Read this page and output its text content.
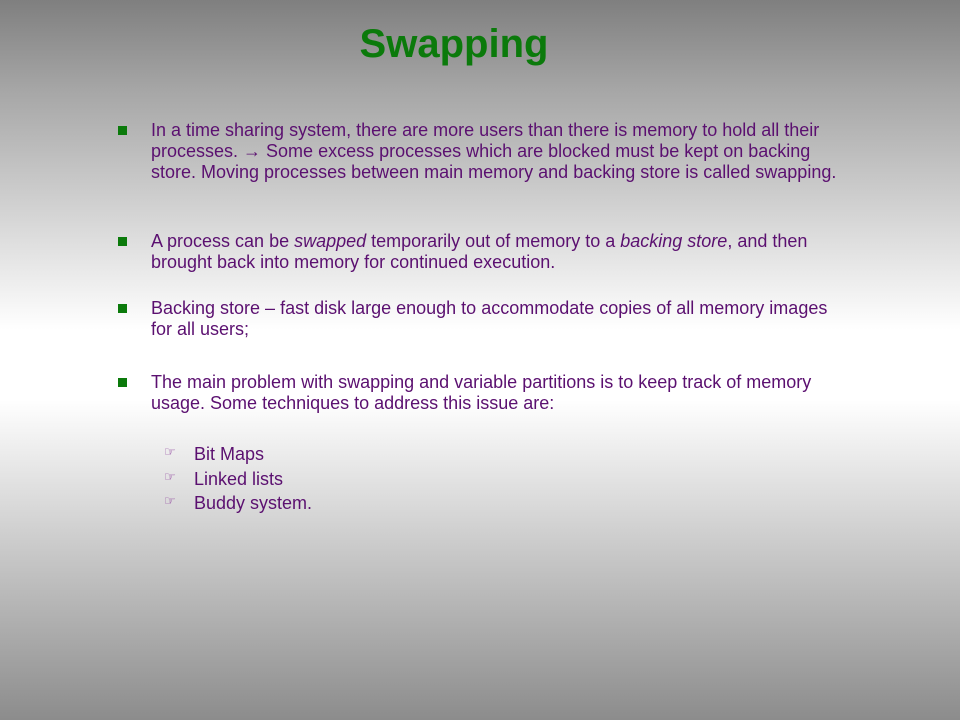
Swapping
In a time sharing system, there are more users than there is memory to hold all their processes. → Some excess processes which are blocked must be kept on backing store. Moving processes between main memory and backing store is called swapping.
A process can be swapped temporarily out of memory to a backing store, and then brought back into memory for continued execution.
Backing store – fast disk large enough to accommodate copies of all memory images for all users;
The main problem with swapping and variable partitions is to keep track of memory usage. Some techniques to address this issue are:
☞ Bit Maps
☞ Linked lists
☞ Buddy system.
